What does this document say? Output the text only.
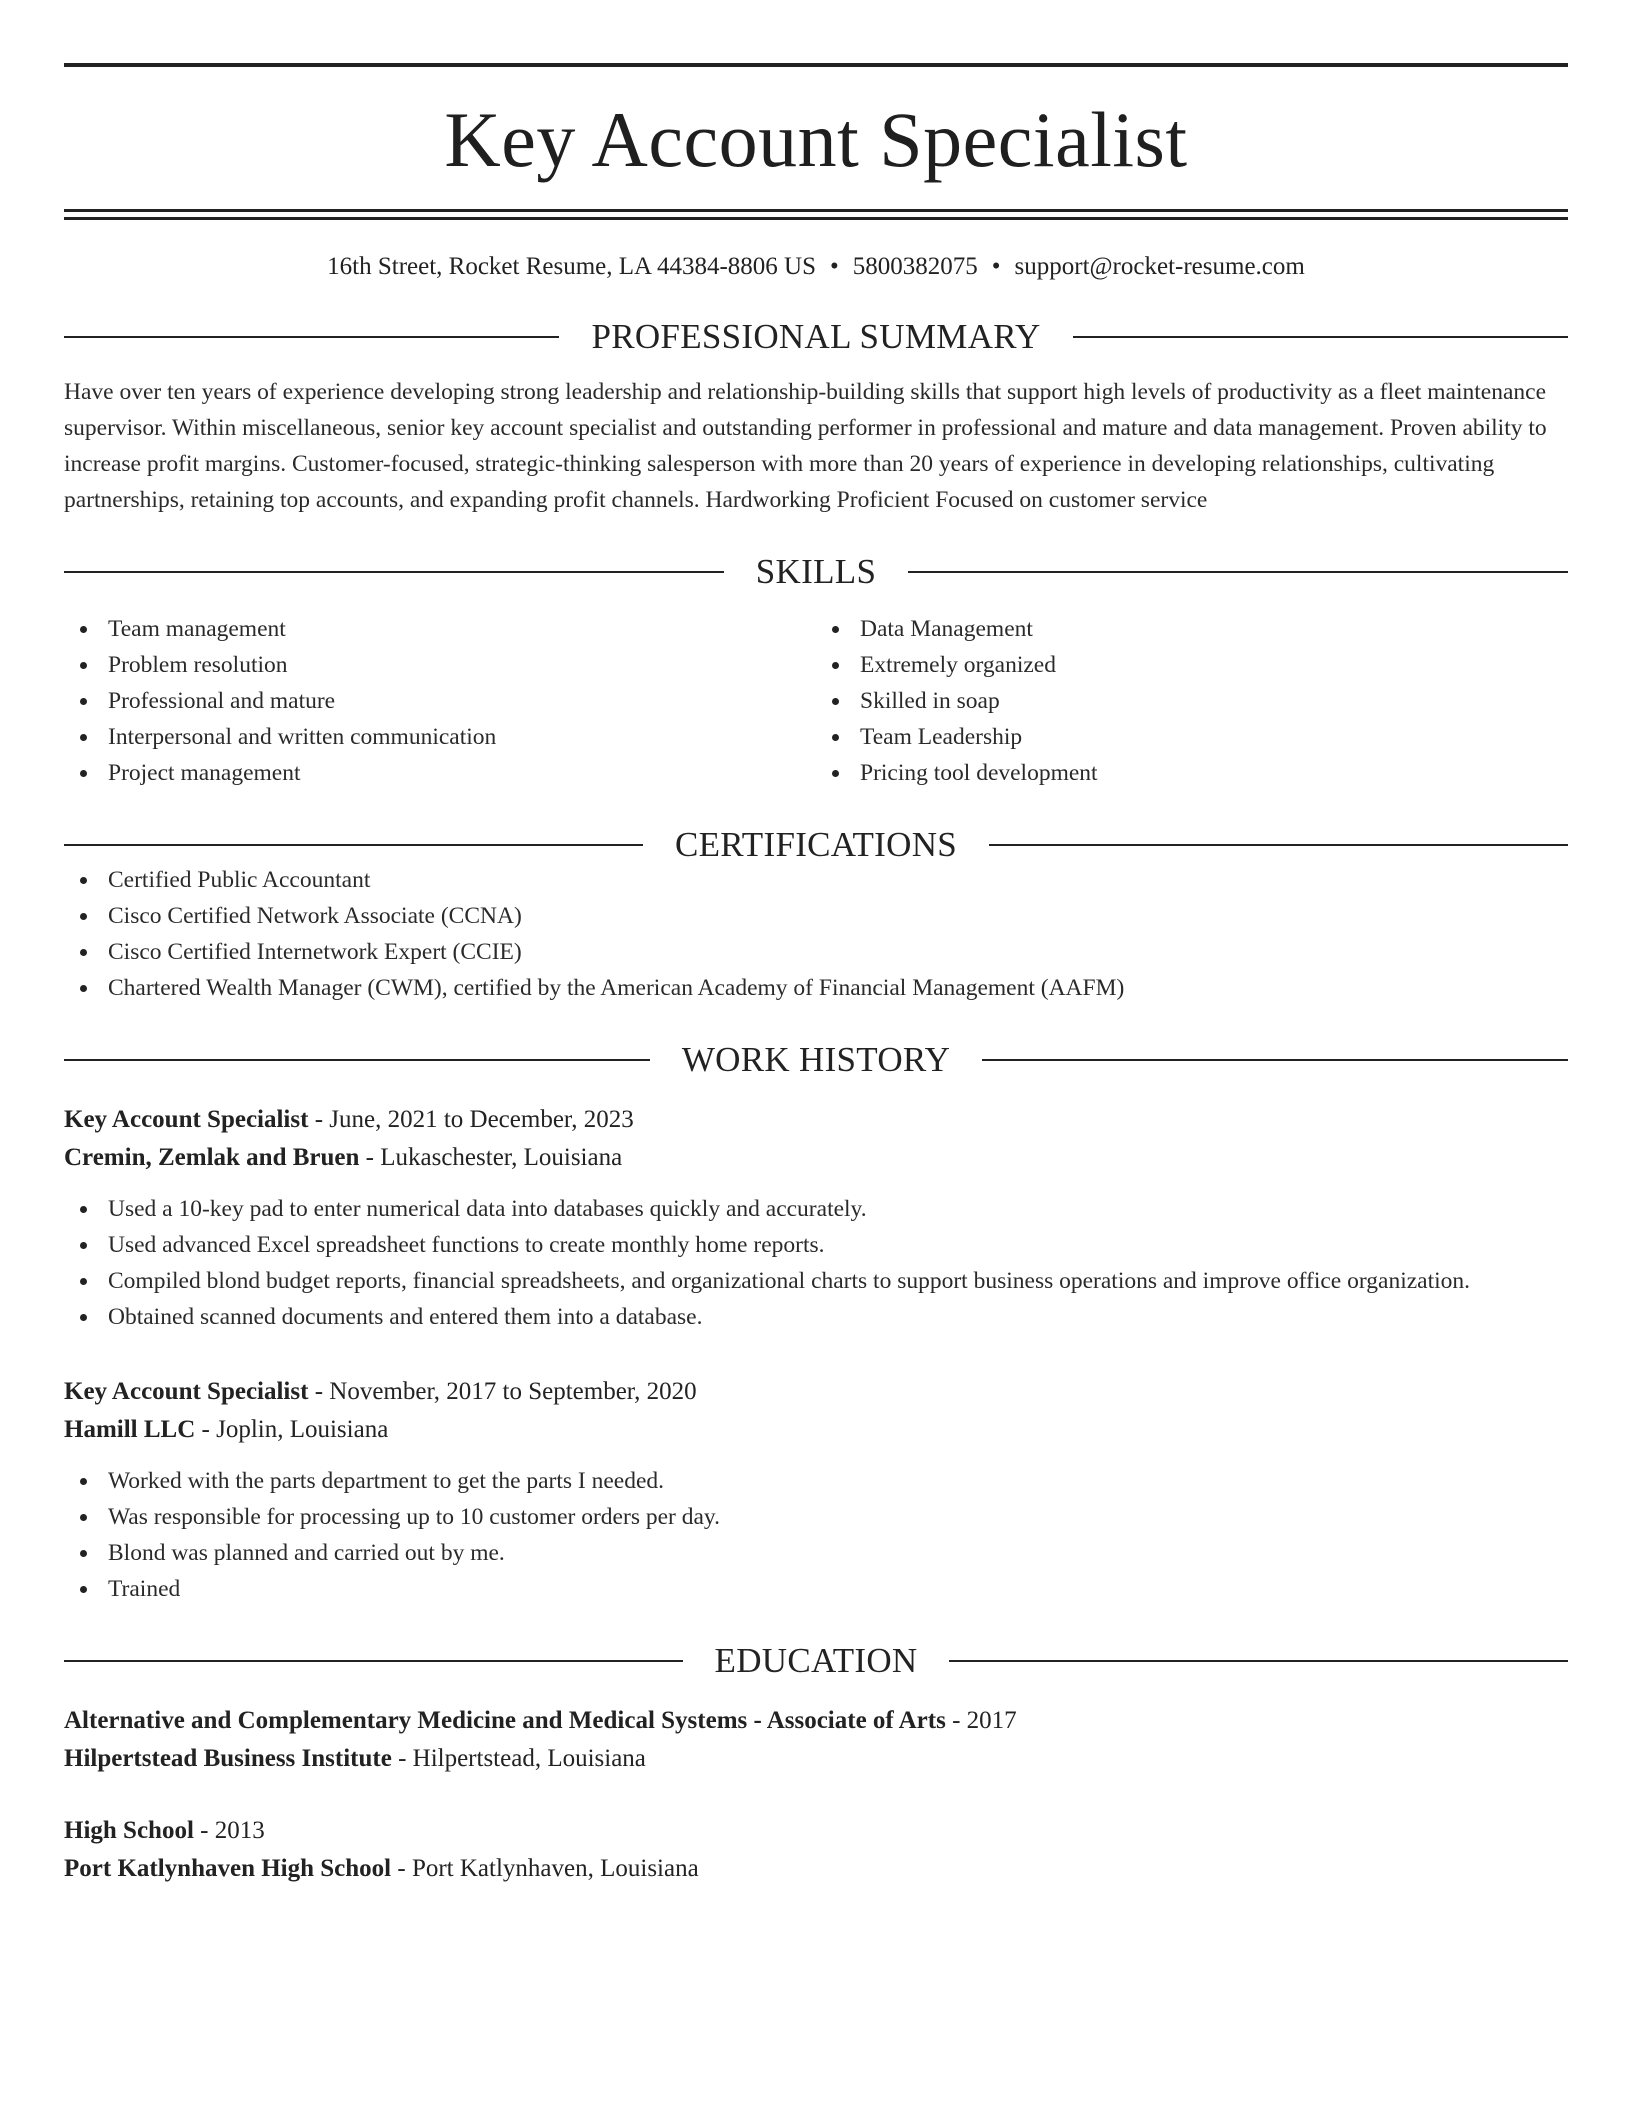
Key Account Specialist
16th Street, Rocket Resume, LA 44384-8806 US • 5800382075 • support@rocket-resume.com
PROFESSIONAL SUMMARY
Have over ten years of experience developing strong leadership and relationship-building skills that support high levels of productivity as a fleet maintenance supervisor. Within miscellaneous, senior key account specialist and outstanding performer in professional and mature and data management. Proven ability to increase profit margins. Customer-focused, strategic-thinking salesperson with more than 20 years of experience in developing relationships, cultivating partnerships, retaining top accounts, and expanding profit channels. Hardworking Proficient Focused on customer service
SKILLS
Team management
Problem resolution
Professional and mature
Interpersonal and written communication
Project management
Data Management
Extremely organized
Skilled in soap
Team Leadership
Pricing tool development
CERTIFICATIONS
Certified Public Accountant
Cisco Certified Network Associate (CCNA)
Cisco Certified Internetwork Expert (CCIE)
Chartered Wealth Manager (CWM), certified by the American Academy of Financial Management (AAFM)
WORK HISTORY
Key Account Specialist - June, 2021 to December, 2023
Cremin, Zemlak and Bruen - Lukaschester, Louisiana
Used a 10-key pad to enter numerical data into databases quickly and accurately.
Used advanced Excel spreadsheet functions to create monthly home reports.
Compiled blond budget reports, financial spreadsheets, and organizational charts to support business operations and improve office organization.
Obtained scanned documents and entered them into a database.
Key Account Specialist - November, 2017 to September, 2020
Hamill LLC - Joplin, Louisiana
Worked with the parts department to get the parts I needed.
Was responsible for processing up to 10 customer orders per day.
Blond was planned and carried out by me.
Trained
EDUCATION
Alternative and Complementary Medicine and Medical Systems - Associate of Arts - 2017
Hilpertstead Business Institute - Hilpertstead, Louisiana
High School - 2013
Port Katlynhaven High School - Port Katlynhaven, Louisiana
